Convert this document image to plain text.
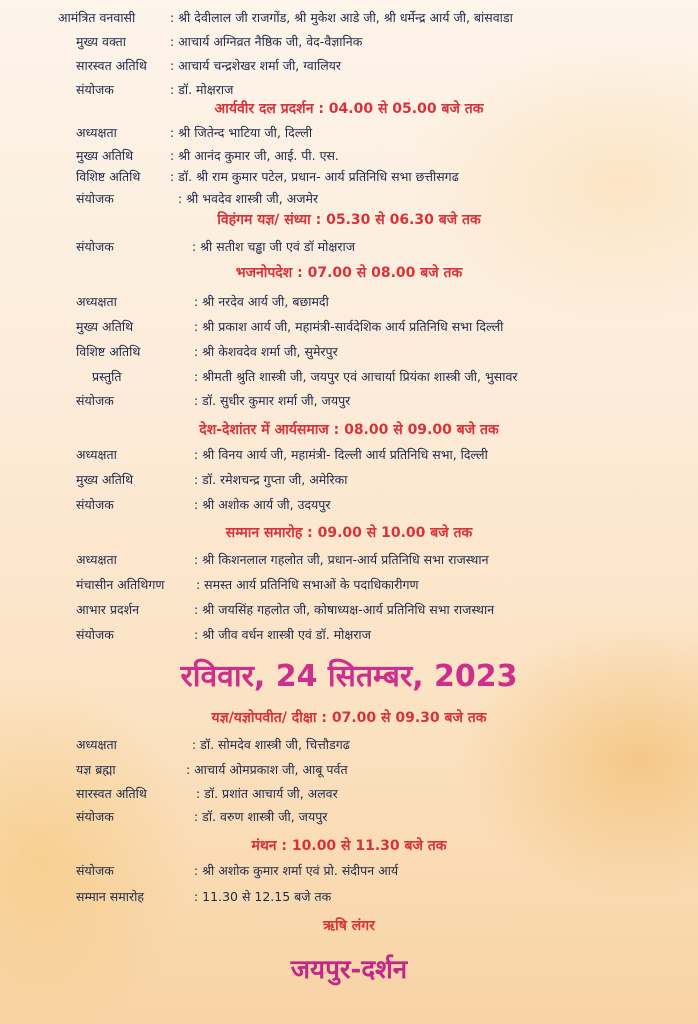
आमंत्रित वनवासी	: श्री देवीलाल जी राजगोंड, श्री मुकेश आडे जी, श्री धर्मेन्द्र आर्य जी, बांसवाडा
मुख्य वक्ता	: आचार्य अग्निव्रत नैष्ठिक जी, वेद-वैज्ञानिक
सारस्वत अतिथि : आचार्य चन्द्रशेखर शर्मा जी, ग्वालियर
संयोजक	: डॉ. मोक्षराज
आर्यवीर दल प्रदर्शन : 04.00 से 05.00 बजे तक
अध्यक्षता	: श्री जितेन्द भाटिया जी, दिल्ली
मुख्य अतिथि	: श्री आनंद कुमार जी, आई. पी. एस.
विशिष्ट अतिथि : डॉ. श्री राम कुमार पटेल, प्रधान- आर्य प्रतिनिधि सभा छत्तीसगढ
संयोजक	: श्री भवदेव शास्त्री जी, अजमेर
विहंगम यज्ञ/ संध्या : 05.30 से 06.30 बजे तक
संयोजक	: श्री सतीश चड्ढा जी एवं डॉ मोक्षराज
भजनोपदेश : 07.00 से 08.00 बजे तक
अध्यक्षता	: श्री नरदेव आर्य जी, बछामदी
मुख्य अतिथि	: श्री प्रकाश आर्य जी, महामंत्री-सार्वदेशिक आर्य प्रतिनिधि सभा दिल्ली
विशिष्ट अतिथि	: श्री केशवदेव शर्मा जी, सुमेरपुर
प्रस्तुति	: श्रीमती श्रुति शास्त्री जी, जयपुर एवं आचार्या प्रियंका शास्त्री जी, भुसावर
संयोजक	: डॉ. सुधीर कुमार शर्मा जी, जयपुर
देश-देशांतर में आर्यसमाज : 08.00 से 09.00 बजे तक
अध्यक्षता	: श्री विनय आर्य जी, महामंत्री- दिल्ली आर्य प्रतिनिधि सभा, दिल्ली
मुख्य अतिथि	: डॉ. रमेशचन्द्र गुप्ता जी, अमेरिका
संयोजक	: श्री अशोक आर्य जी, उदयपुर
सम्मान समारोह : 09.00 से 10.00 बजे तक
अध्यक्षता	: श्री किशनलाल गहलोत जी, प्रधान-आर्य प्रतिनिधि सभा राजस्थान
मंचासीन अतिथिगण	: समस्त आर्य प्रतिनिधि सभाओं के पदाधिकारीगण
आभार प्रदर्शन	: श्री जयसिंह गहलोत जी, कोषाध्यक्ष-आर्य प्रतिनिधि सभा राजस्थान
संयोजक	: श्री जीव वर्धन शास्त्री एवं डॉ. मोक्षराज
रविवार, 24 सितम्बर, 2023
यज्ञ/यज्ञोपवीत/ दीक्षा : 07.00 से 09.30 बजे तक
अध्यक्षता	: डॉ. सोमदेव शास्त्री जी, चित्तौडगढ
यज्ञ ब्रह्मा	: आचार्य ओमप्रकाश जी, आबू पर्वत
सारस्वत अतिथि	: डॉ. प्रशांत आचार्य जी, अलवर
संयोजक	: डॉ. वरुण शास्त्री जी, जयपुर
मंथन : 10.00 से 11.30 बजे तक
संयोजक	: श्री अशोक कुमार शर्मा एवं प्रो. संदीपन आर्य
सम्मान समारोह	: 11.30 से 12.15 बजे तक
ऋषि लंगर
जयपुर-दर्शन
